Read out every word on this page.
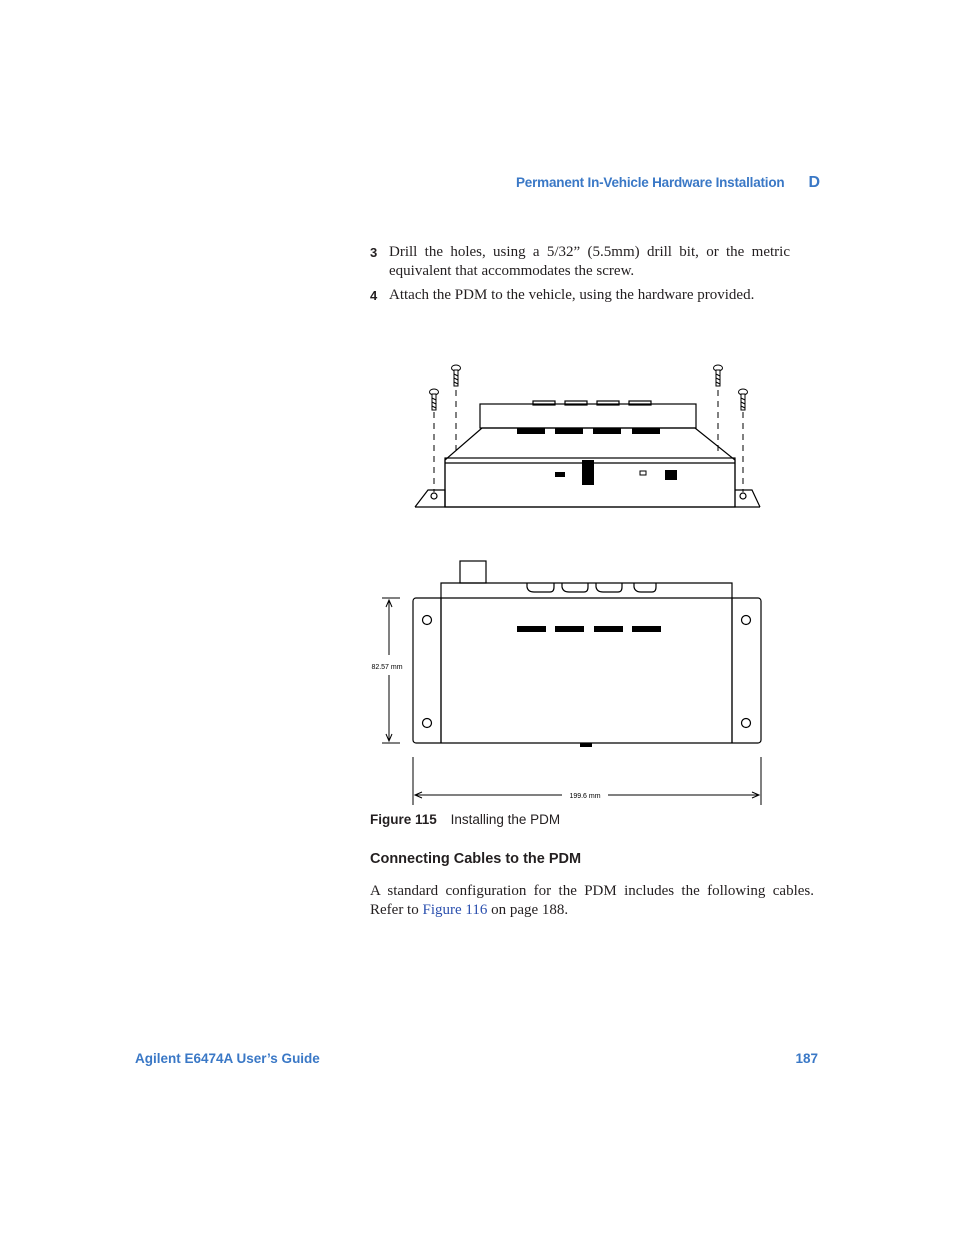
Permanent In-Vehicle Hardware Installation D
3 Drill the holes, using a 5/32” (5.5mm) drill bit, or the metric equivalent that accommodates the screw.
4 Attach the PDM to the vehicle, using the hardware provided.
82.57 mm
199.6 mm
Figure 115 Installing the PDM
Connecting Cables to the PDM
A standard configuration for the PDM includes the following cables. Refer to Figure 116 on page 188.
Agilent E6474A User’s Guide	187
